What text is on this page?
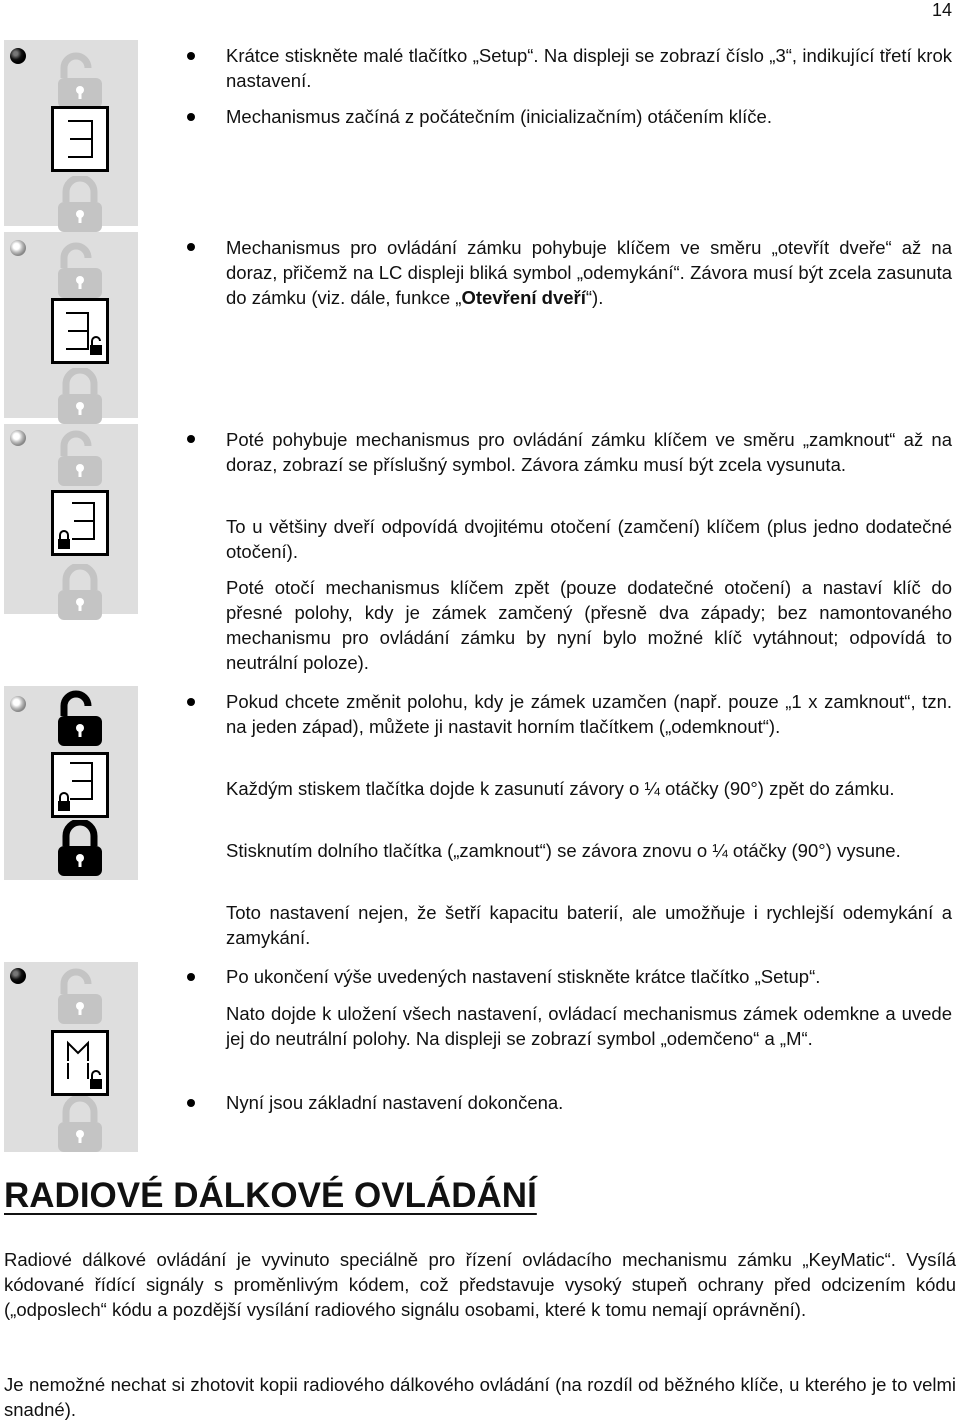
14
Krátce stiskněte malé tlačítko „Setup“. Na displeji se zobrazí číslo „3“, indikující třetí krok nastavení.
Mechanismus začíná z počátečním (inicializačním) otáčením klíče.
Mechanismus pro ovládání zámku pohybuje klíčem ve směru „otevřít dveře“ až na doraz, přičemž na LC displeji bliká symbol „odemykání“. Závora musí být zcela zasunuta do zámku (viz. dále, funkce „Otevření dveří“).
Poté pohybuje mechanismus pro ovládání zámku klíčem ve směru „zamknout“ až na doraz, zobrazí se příslušný symbol. Závora zámku musí být zcela vysunuta.
To u většiny dveří odpovídá dvojitému otočení (zamčení) klíčem (plus jedno dodatečné otočení).
Poté otočí mechanismus klíčem zpět (pouze dodatečné otočení) a nastaví klíč do přesné polohy, kdy je zámek zamčený (přesně dva západy; bez namontovaného mechanismu pro ovládání zámku by nyní bylo možné klíč vytáhnout; odpovídá to neutrální poloze).
Pokud chcete změnit polohu, kdy je zámek uzamčen (např. pouze „1 x zamknout“, tzn. na jeden západ), můžete ji nastavit horním tlačítkem („odemknout“).
Každým stiskem tlačítka dojde k zasunutí závory o ¼ otáčky (90°) zpět do zámku.
Stisknutím dolního tlačítka („zamknout“) se závora znovu o ¼ otáčky (90°) vysune.
Toto nastavení nejen, že šetří kapacitu baterií, ale umožňuje i rychlejší odemykání a zamykání.
Po ukončení výše uvedených nastavení stiskněte krátce tlačítko „Setup“.
Nato dojde k uložení všech nastavení, ovládací mechanismus zámek odemkne a uvede jej do neutrální polohy. Na displeji se zobrazí symbol „odemčeno“ a „M“.
Nyní jsou základní nastavení dokončena.
RADIOVÉ DÁLKOVÉ OVLÁDÁNÍ
Radiové dálkové ovládání je vyvinuto speciálně pro řízení ovládacího mechanismu zámku „KeyMatic“. Vysílá kódované řídící signály s proměnlivým kódem, což představuje vysoký stupeň ochrany před odcizením kódu („odposlech“ kódu a pozdější vysílání radiového signálu osobami, které k tomu nemají oprávnění).
Je nemožné nechat si zhotovit kopii radiového dálkového ovládání (na rozdíl od běžného klíče, u kterého je to velmi snadné).
